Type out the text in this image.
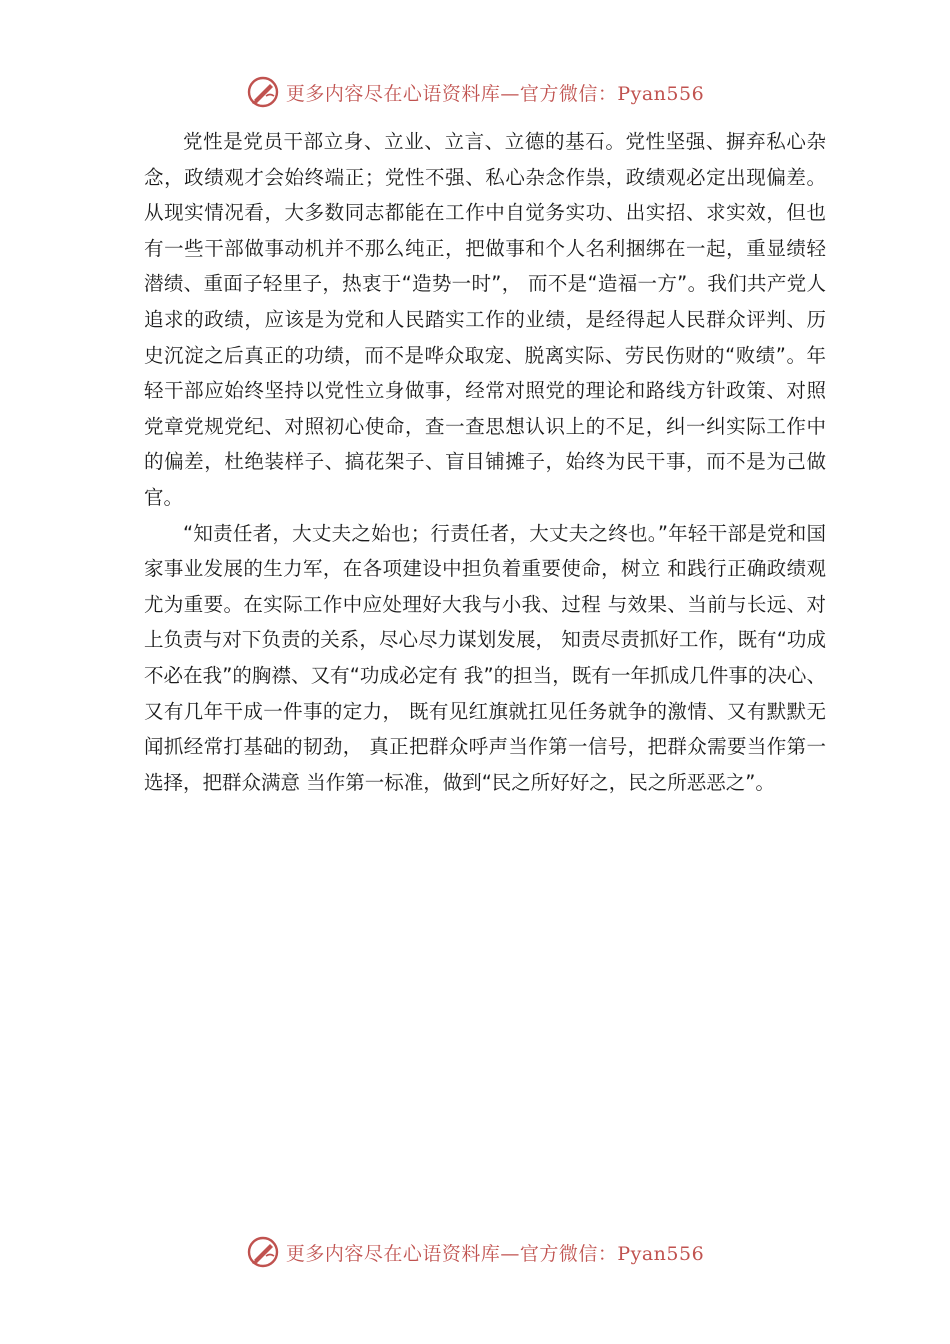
更多内容尽在心语资料库—官方微信：Pyan556

党性是党员干部立身、立业、立言、立德的基石。党性坚强、摒弃私心杂念，政绩观才会始终端正；党性不强、私心杂念作祟，政绩观必定出现偏差。从现实情况看，大多数同志都能在工作中自觉务实功、出实招、求实效，但也有一些干部做事动机并不那么纯正，把做事和个人名利捆绑在一起，重显绩轻潜绩、重面子轻里子，热衷于“造势一时”， 而不是“造福一方”。我们共产党人追求的政绩，应该是为党和人民踏实工作的业绩，是经得起人民群众评判、历史沉淀之后真正的功绩，而不是哗众取宠、脱离实际、劳民伤财的“败绩”。年轻干部应始终坚持以党性立身做事，经常对照党的理论和路线方针政策、对照党章党规党纪、对照初心使命，查一查思想认识上的不足，纠一纠实际工作中的偏差，杜绝装样子、搞花架子、盲目铺摊子，始终为民干事，而不是为己做官。

“知责任者，大丈夫之始也；行责任者，大丈夫之终也。”年轻干部是党和国家事业发展的生力军，在各项建设中担负着重要使命，树立 和践行正确政绩观尤为重要。在实际工作中应处理好大我与小我、过程 与效果、当前与长远、对上负责与对下负责的关系，尽心尽力谋划发展， 知责尽责抓好工作，既有“功成不必在我”的胸襟、又有“功成必定有 我”的担当，既有一年抓成几件事的决心、又有几年干成一件事的定力， 既有见红旗就扛见任务就争的激情、又有默默无闻抓经常打基础的韧劲， 真正把群众呼声当作第一信号，把群众需要当作第一选择，把群众满意 当作第一标准，做到“民之所好好之，民之所恶恶之”。

更多内容尽在心语资料库—官方微信：Pyan556
